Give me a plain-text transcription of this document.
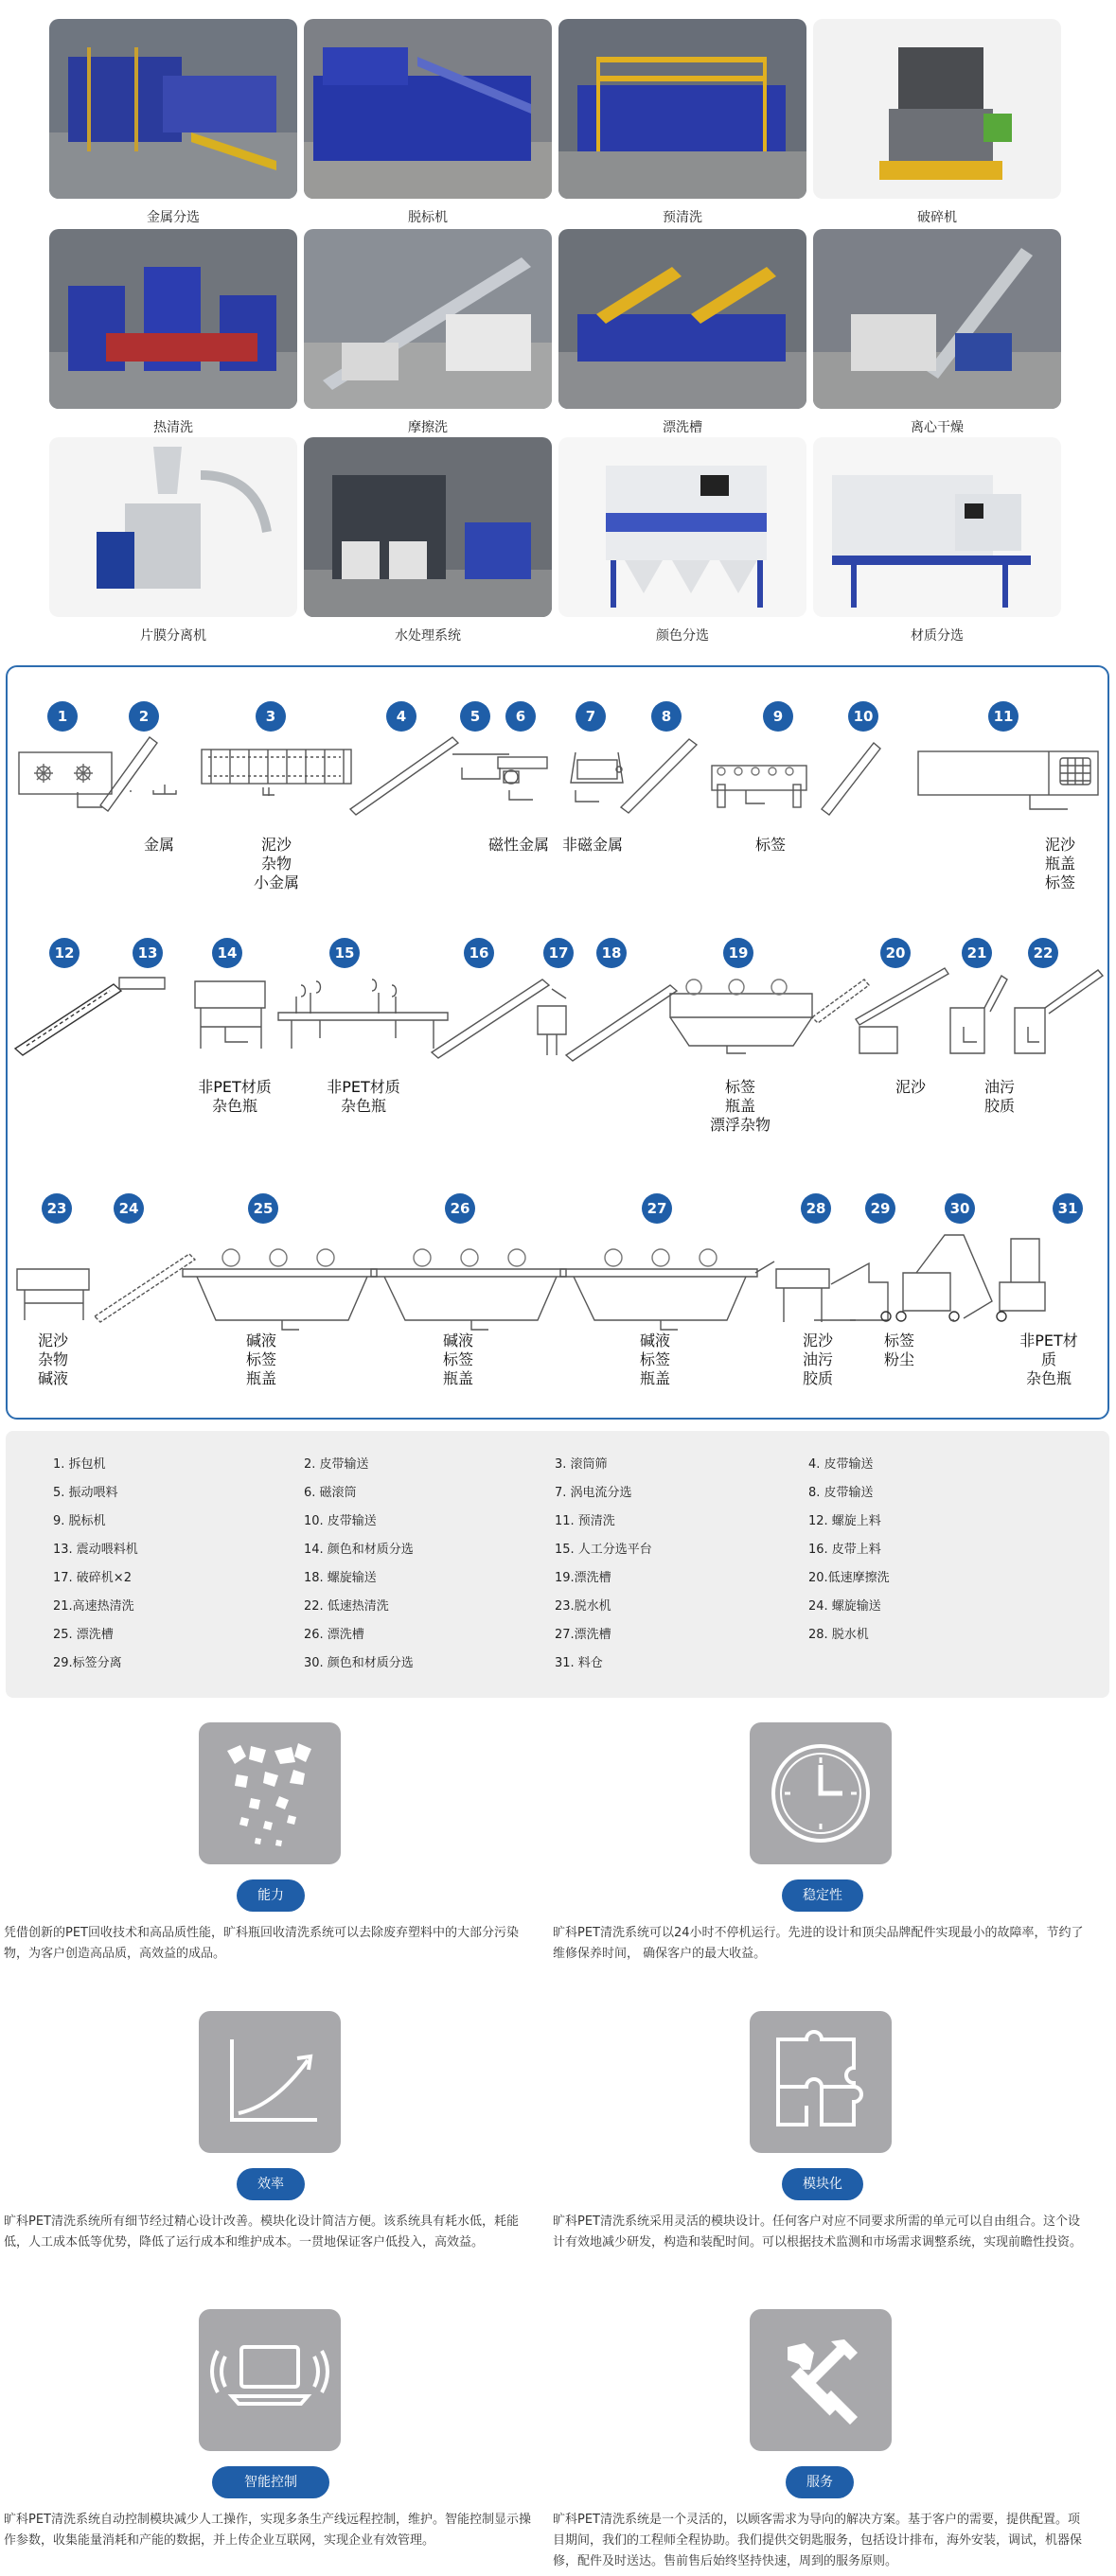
金属分选	脱标机	预清洗	破碎机
热清洗	摩擦洗	漂洗槽	离心干燥
片膜分离机	水处理系统	颜色分选	材质分选
1	2	3	4	5	6	7	8	9	10	11
12	13	14	15	16	17	18	19	20	21	22
23	24	25	26	27	28	29	30	31
金属	泥沙
杂物
小金属
磁性金属 非磁金属	标签	泥沙
瓶盖
标签
非PET材质
杂色瓶
非PET材质
杂色瓶
标签
瓶盖
漂浮杂物
泥沙	油污
胶质
泥沙
杂物
碱液
碱液
标签
瓶盖
碱液
标签
瓶盖
碱液
标签
瓶盖
泥沙
油污
胶质
标签
粉尘
非PET材质
杂色瓶
1. 拆包机	2. 皮带输送	3. 滚筒筛	4. 皮带输送
5. 振动喂料	6. 磁滚筒	7. 涡电流分选	8. 皮带输送
9. 脱标机	10. 皮带输送	11. 预清洗	12. 螺旋上料
13. 震动喂料机	14. 颜色和材质分选	15. 人工分选平台	16. 皮带上料
17. 破碎机×2	18. 螺旋输送	19.漂洗槽	20.低速摩擦洗
21.高速热清洗	22. 低速热清洗	23.脱水机	24. 螺旋输送
25. 漂洗槽	26. 漂洗槽	27.漂洗槽	28. 脱水机
29.标签分离	30. 颜色和材质分选	31. 料仓
能力
凭借创新的PET回收技术和高品质性能，旷科瓶回收清洗系统可以去除废弃塑料中的大部分污染物，为客户创造高品质，高效益的成品。
稳定性
旷科PET清洗系统可以24小时不停机运行。先进的设计和顶尖品牌配件实现最小的故障率，节约了维修保养时间， 确保客户的最大收益。
效率
旷科PET清洗系统所有细节经过精心设计改善。模块化设计简洁方便。该系统具有耗水低，耗能低，人工成本低等优势，降低了运行成本和维护成本。一贯地保证客户低投入，高效益。
模块化
旷科PET清洗系统采用灵活的模块设计。任何客户对应不同要求所需的单元可以自由组合。这个设计有效地减少研发，构造和装配时间。可以根据技术监测和市场需求调整系统，实现前瞻性投资。
智能控制
旷科PET清洗系统自动控制模块减少人工操作，实现多条生产线远程控制，维护。智能控制显示操作参数，收集能量消耗和产能的数据，并上传企业互联网，实现企业有效管理。
服务
旷科PET清洗系统是一个灵活的，以顾客需求为导向的解决方案。基于客户的需要，提供配置。项目期间，我们的工程师全程协助。我们提供交钥匙服务，包括设计排布，海外安装，调试，机器保修，配件及时送达。售前售后始终坚持快速，周到的服务原则。
